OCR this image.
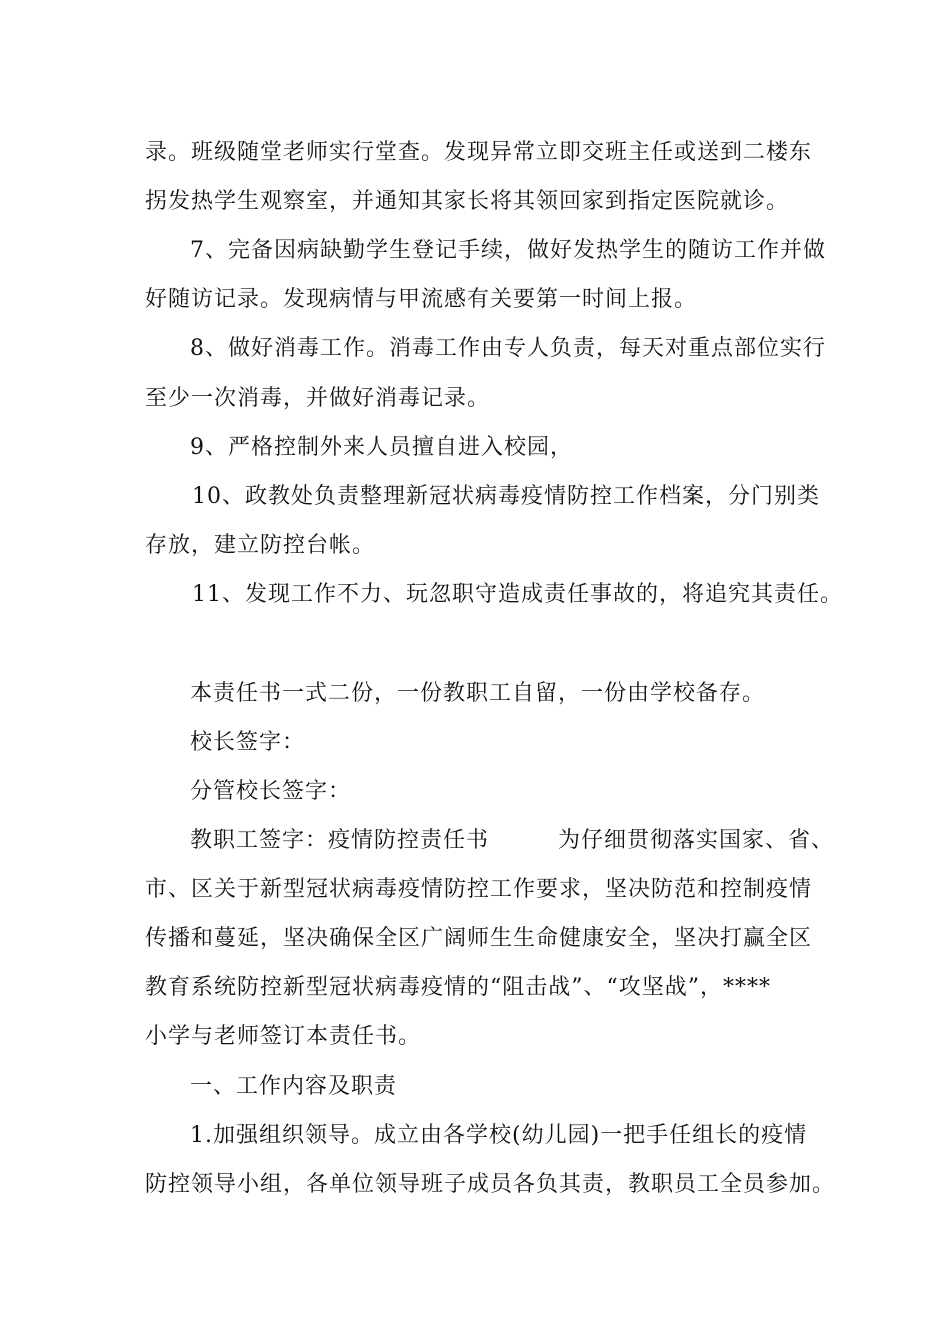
录。班级随堂老师实行堂查。发现异常立即交班主任或送到二楼东
拐发热学生观察室，并通知其家长将其领回家到指定医院就诊。
7、完备因病缺勤学生登记手续，做好发热学生的随访工作并做
好随访记录。发现病情与甲流感有关要第一时间上报。
8、做好消毒工作。消毒工作由专人负责，每天对重点部位实行
至少一次消毒，并做好消毒记录。
9、严格控制外来人员擅自进入校园，
10、政教处负责整理新冠状病毒疫情防控工作档案，分门别类
存放，建立防控台帐。
11、发现工作不力、玩忽职守造成责任事故的，将追究其责任。
本责任书一式二份，一份教职工自留，一份由学校备存。
校长签字：
分管校长签字：
教职工签字：疫情防控责任书　　　为仔细贯彻落实国家、省、
市、区关于新型冠状病毒疫情防控工作要求，坚决防范和控制疫情
传播和蔓延，坚决确保全区广阔师生生命健康安全，坚决打赢全区
教育系统防控新型冠状病毒疫情的“阻击战”、“攻坚战”，****
小学与老师签订本责任书。
一、工作内容及职责
1.加强组织领导。成立由各学校(幼儿园)一把手任组长的疫情
防控领导小组，各单位领导班子成员各负其责，教职员工全员参加。
